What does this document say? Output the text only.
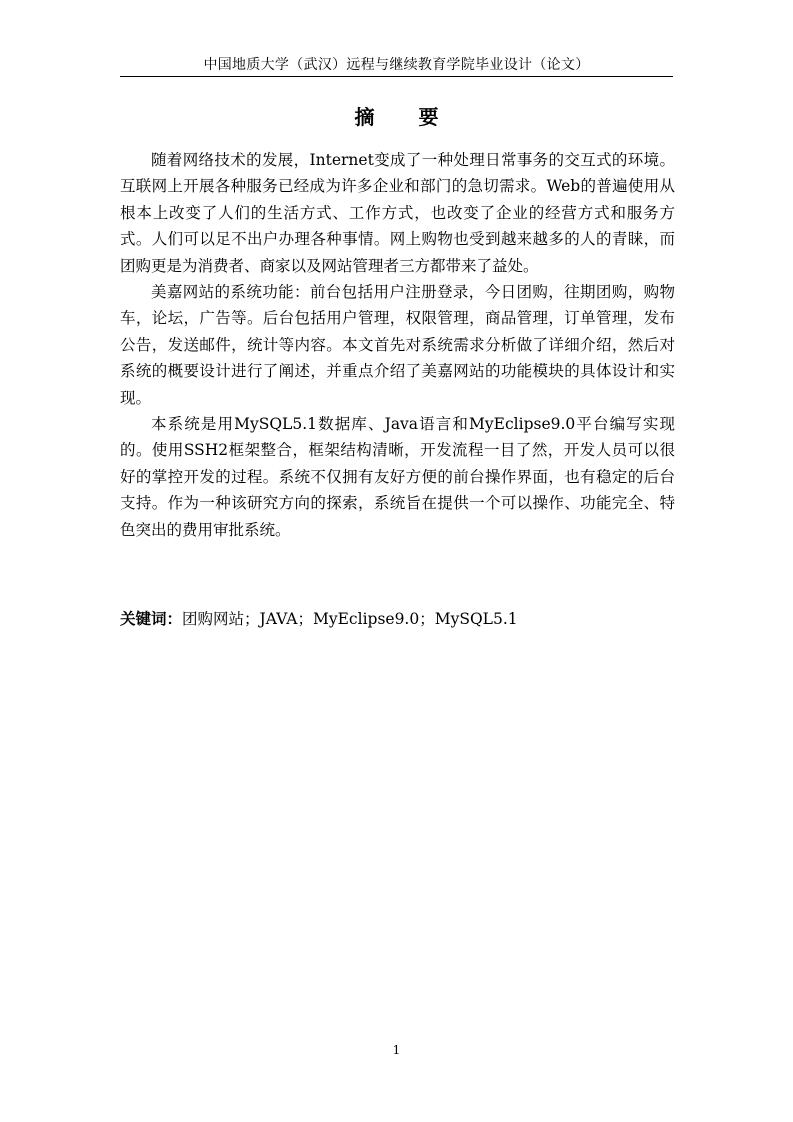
中国地质大学（武汉）远程与继续教育学院毕业设计（论文）
摘 要

随着网络技术的发展，Internet变成了一种处理日常事务的交互式的环境。互联网上开展各种服务已经成为许多企业和部门的急切需求。Web的普遍使用从根本上改变了人们的生活方式、工作方式，也改变了企业的经营方式和服务方式。人们可以足不出户办理各种事情。网上购物也受到越来越多的人的青睐，而团购更是为消费者、商家以及网站管理者三方都带来了益处。

美嘉网站的系统功能：前台包括用户注册登录，今日团购，往期团购，购物车，论坛，广告等。后台包括用户管理，权限管理，商品管理，订单管理，发布公告，发送邮件，统计等内容。本文首先对系统需求分析做了详细介绍，然后对系统的概要设计进行了阐述，并重点介绍了美嘉网站的功能模块的具体设计和实现。

本系统是用MySQL5.1数据库、Java语言和MyEclipse9.0平台编写实现的。使用SSH2框架整合，框架结构清晰，开发流程一目了然，开发人员可以很好的掌控开发的过程。系统不仅拥有友好方便的前台操作界面，也有稳定的后台支持。作为一种该研究方向的探索，系统旨在提供一个可以操作、功能完全、特色突出的费用审批系统。

关键词：团购网站；JAVA；MyEclipse9.0；MySQL5.1
1
